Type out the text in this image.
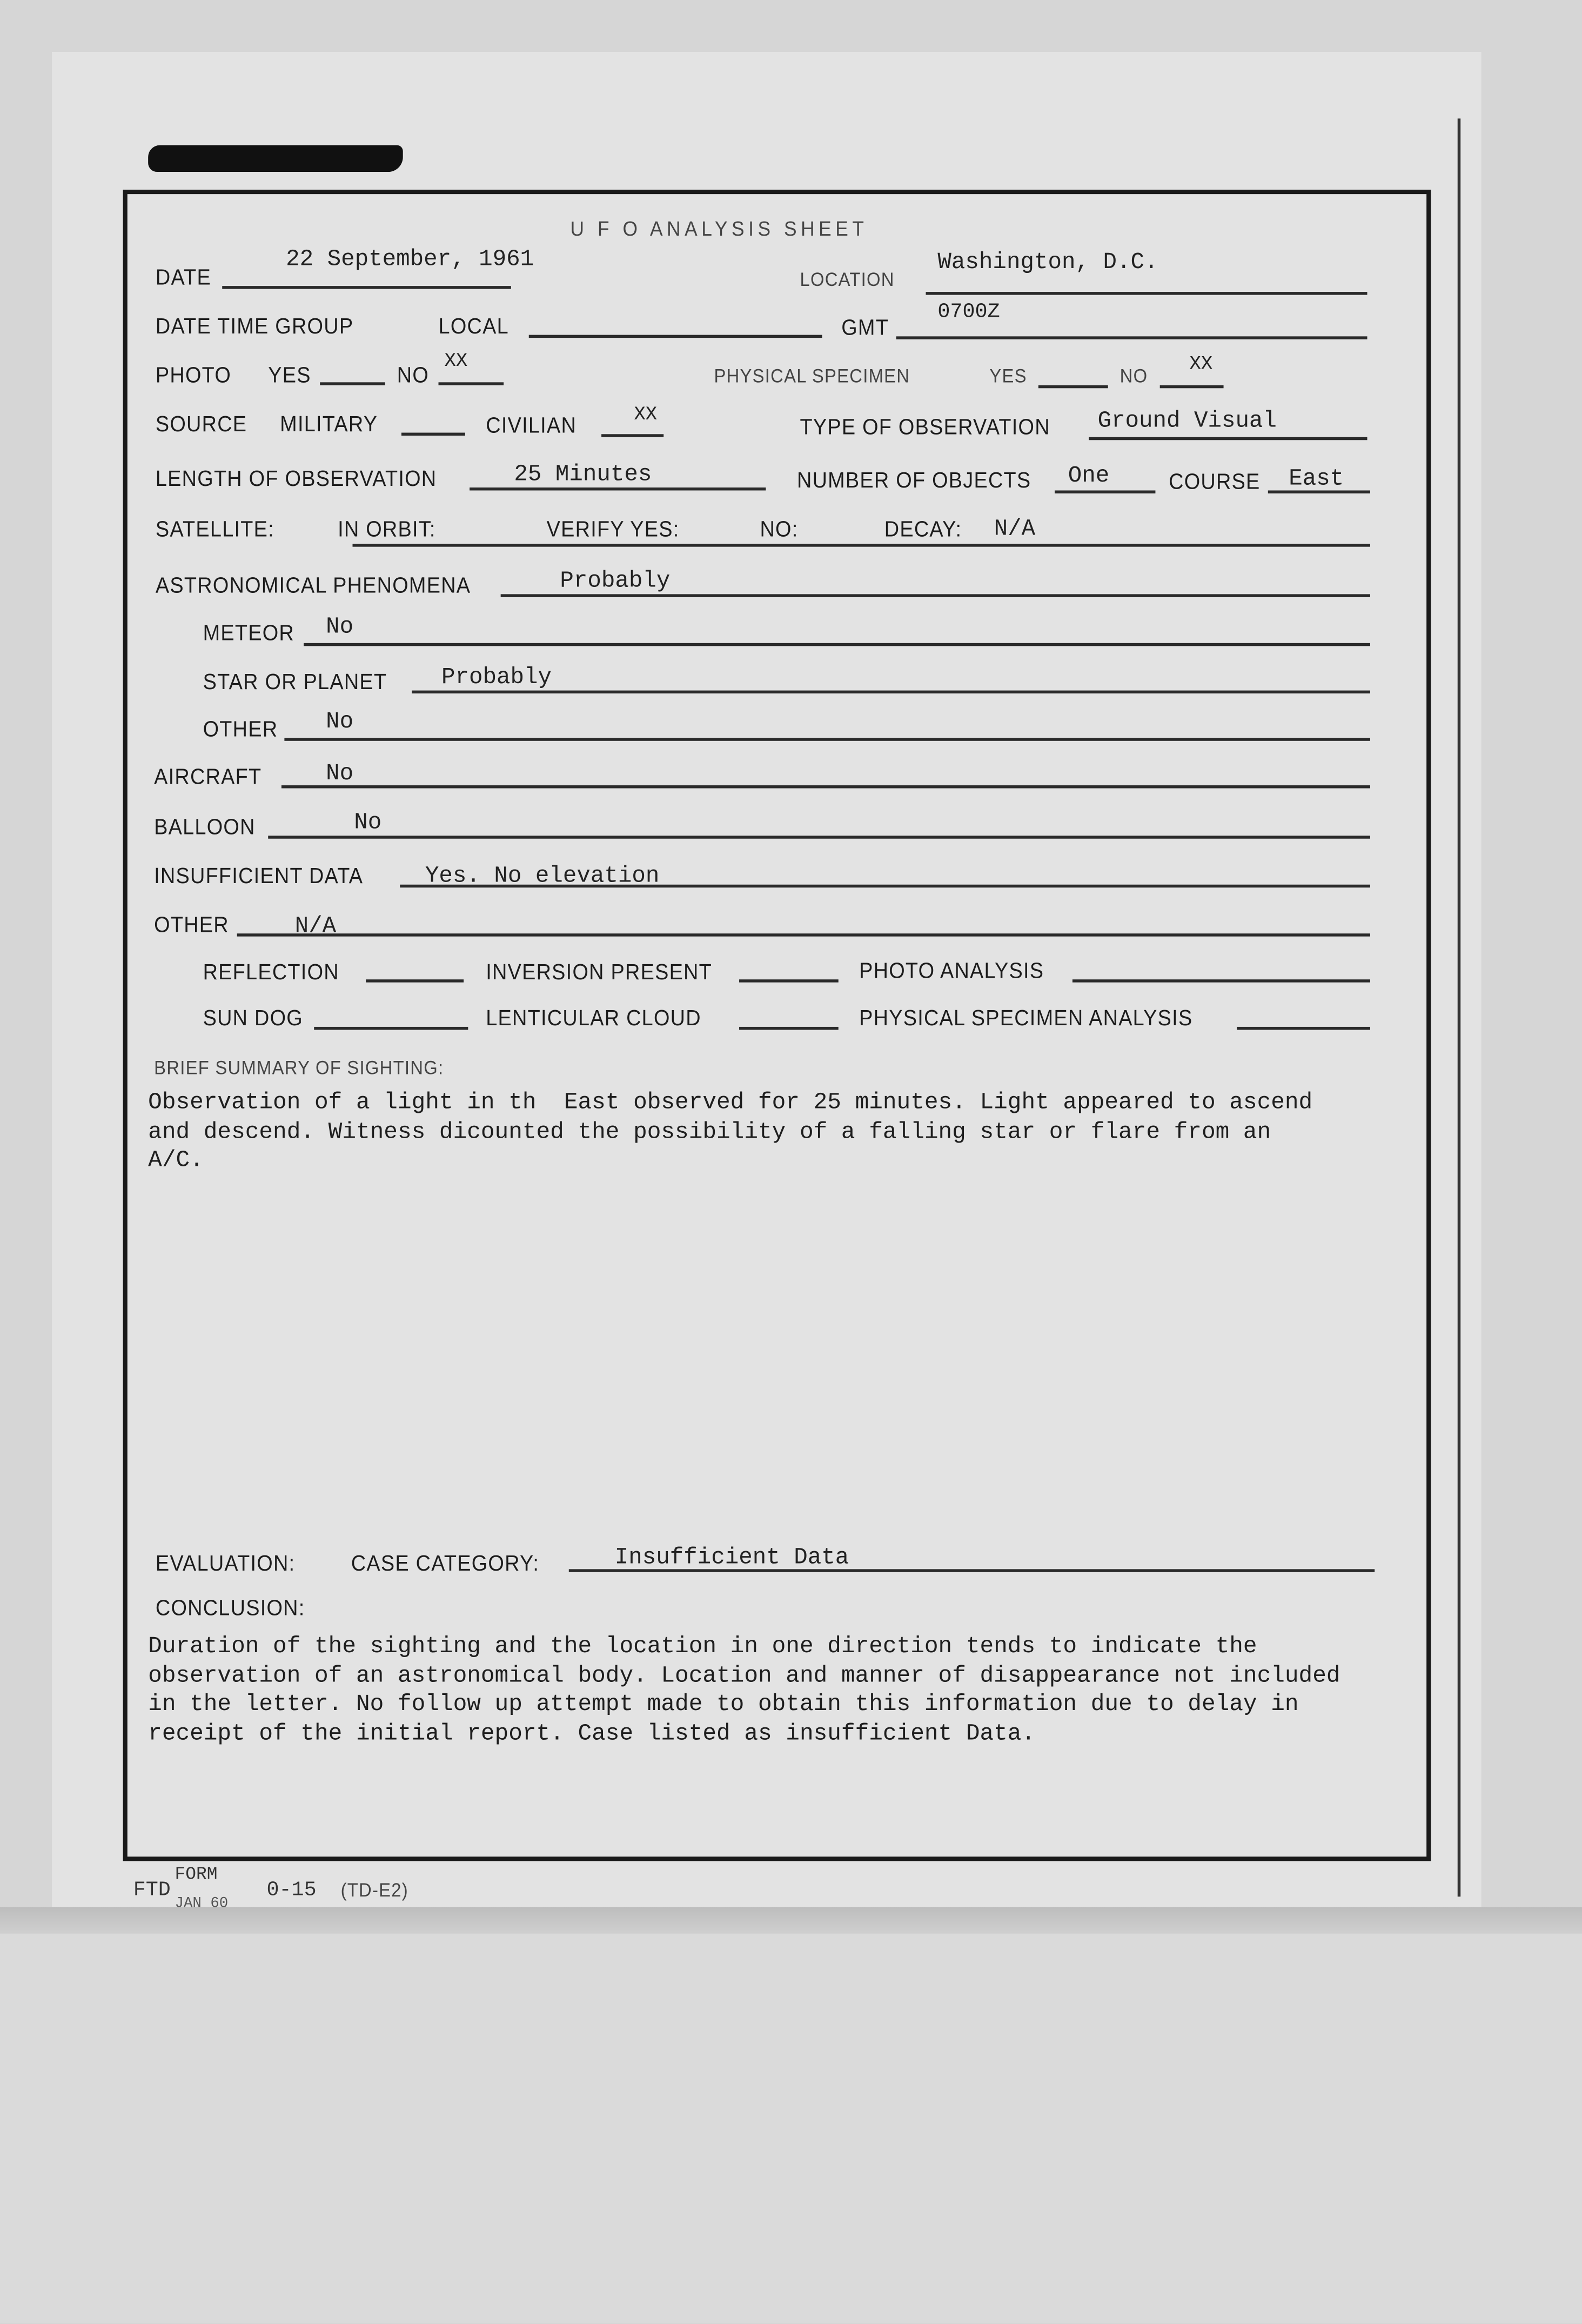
U F O ANALYSIS SHEET
DATE
22 September, 1961
LOCATION
Washington, D.C.
DATE TIME GROUP	LOCAL	GMT
0700Z
PHOTO	YES	NO
XX
PHYSICAL SPECIMEN	YES	NO
XX
SOURCE	MILITARY	CIVILIAN	XX
TYPE OF OBSERVATION	Ground Visual
LENGTH OF OBSERVATION	25 Minutes	NUMBER OF OBJECTS	One	COURSE	East
SATELLITE:	IN ORBIT:	VERIFY YES:	NO:	DECAY:	N/A
ASTRONOMICAL PHENOMENA	Probably
METEOR	No
STAR OR PLANET	Probably
OTHER	No
AIRCRAFT	No
BALLOON	No
INSUFFICIENT DATA	Yes. No elevation
OTHER	N/A
REFLECTION	INVERSION PRESENT	PHOTO ANALYSIS
SUN DOG	LENTICULAR CLOUD	PHYSICAL SPECIMEN ANALYSIS
BRIEF SUMMARY OF SIGHTING:
Observation of a light in th  East observed for 25 minutes. Light appeared to ascend
and descend. Witness dicounted the possibility of a falling star or flare from an
A/C.
EVALUATION:	CASE CATEGORY:	Insufficient Data
CONCLUSION:
Duration of the sighting and the location in one direction tends to indicate the
observation of an astronomical body. Location and manner of disappearance not included
in the letter. No follow up attempt made to obtain this information due to delay in
receipt of the initial report. Case listed as insufficient Data.
FTD
FORM
JAN 60
0-15	(TD-E2)
